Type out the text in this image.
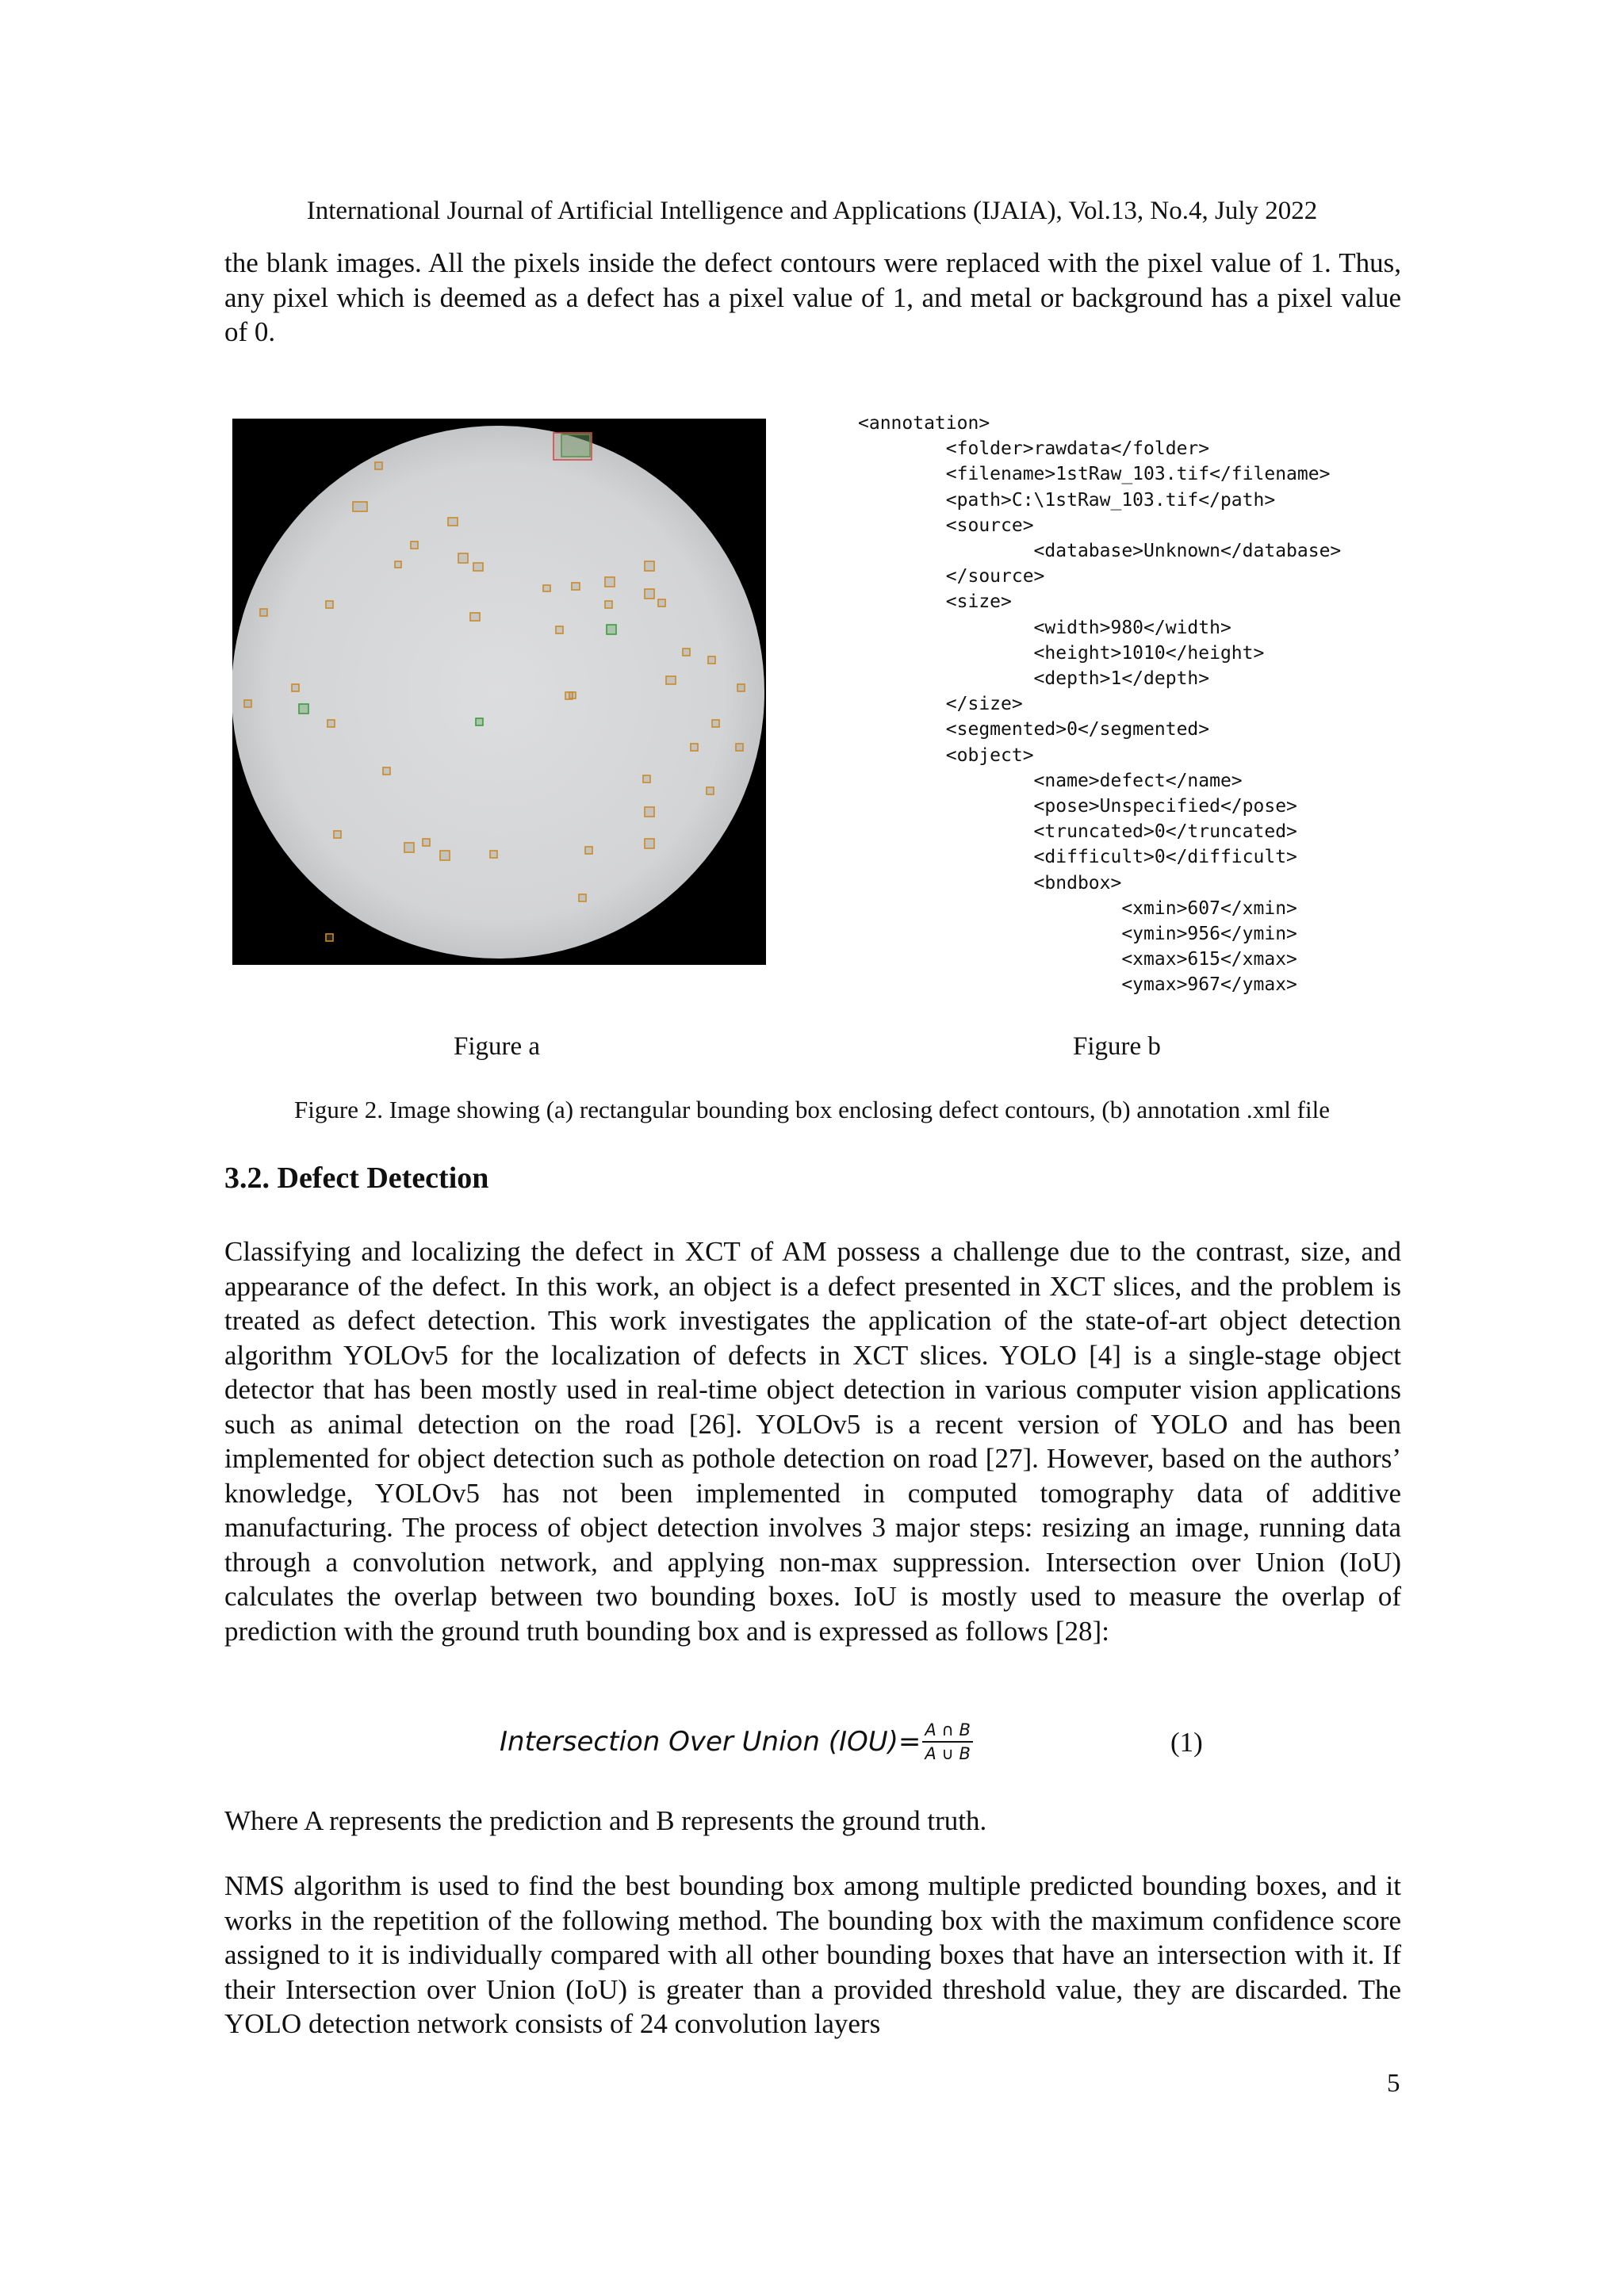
International Journal of Artificial Intelligence and Applications (IJAIA), Vol.13, No.4, July 2022
the blank images. All the pixels inside the defect contours were replaced with the pixel value of 1. Thus, any pixel which is deemed as a defect has a pixel value of 1, and metal or background has a pixel value of 0.
<annotation>
<folder>rawdata</folder>
<filename>1stRaw_103.tif</filename>
<path>C:\1stRaw_103.tif</path>
<source>
<database>Unknown</database>
</source>
<size>
<width>980</width>
<height>1010</height>
<depth>1</depth>
</size>
<segmented>0</segmented>
<object>
<name>defect</name>
<pose>Unspecified</pose>
<truncated>0</truncated>
<difficult>0</difficult>
<bndbox>
<xmin>607</xmin>
<ymin>956</ymin>
<xmax>615</xmax>
<ymax>967</ymax>
Figure a	Figure b
Figure 2. Image showing (a) rectangular bounding box enclosing defect contours, (b) annotation .xml file
3.2. Defect Detection
Classifying and localizing the defect in XCT of AM possess a challenge due to the contrast, size, and appearance of the defect. In this work, an object is a defect presented in XCT slices, and the problem is treated as defect detection. This work investigates the application of the state-of-art object detection algorithm YOLOv5 for the localization of defects in XCT slices. YOLO [4] is a single-stage object detector that has been mostly used in real-time object detection in various computer vision applications such as animal detection on the road [26]. YOLOv5 is a recent version of YOLO and has been implemented for object detection such as pothole detection on road [27]. However, based on the authors’ knowledge, YOLOv5 has not been implemented in computed tomography data of additive manufacturing. The process of object detection involves 3 major steps: resizing an image, running data through a convolution network, and applying non-max suppression. Intersection over Union (IoU) calculates the overlap between two bounding boxes. IoU is mostly used to measure the overlap of prediction with the ground truth bounding box and is expressed as follows [28]:
Intersection Over Union $(IOU)= \frac{A \cap B}{A \cup B}$	(1)
Where A represents the prediction and B represents the ground truth.
NMS algorithm is used to find the best bounding box among multiple predicted bounding boxes, and it works in the repetition of the following method. The bounding box with the maximum confidence score assigned to it is individually compared with all other bounding boxes that have an intersection with it. If their Intersection over Union (IoU) is greater than a provided threshold value, they are discarded. The YOLO detection network consists of 24 convolution layers
5
